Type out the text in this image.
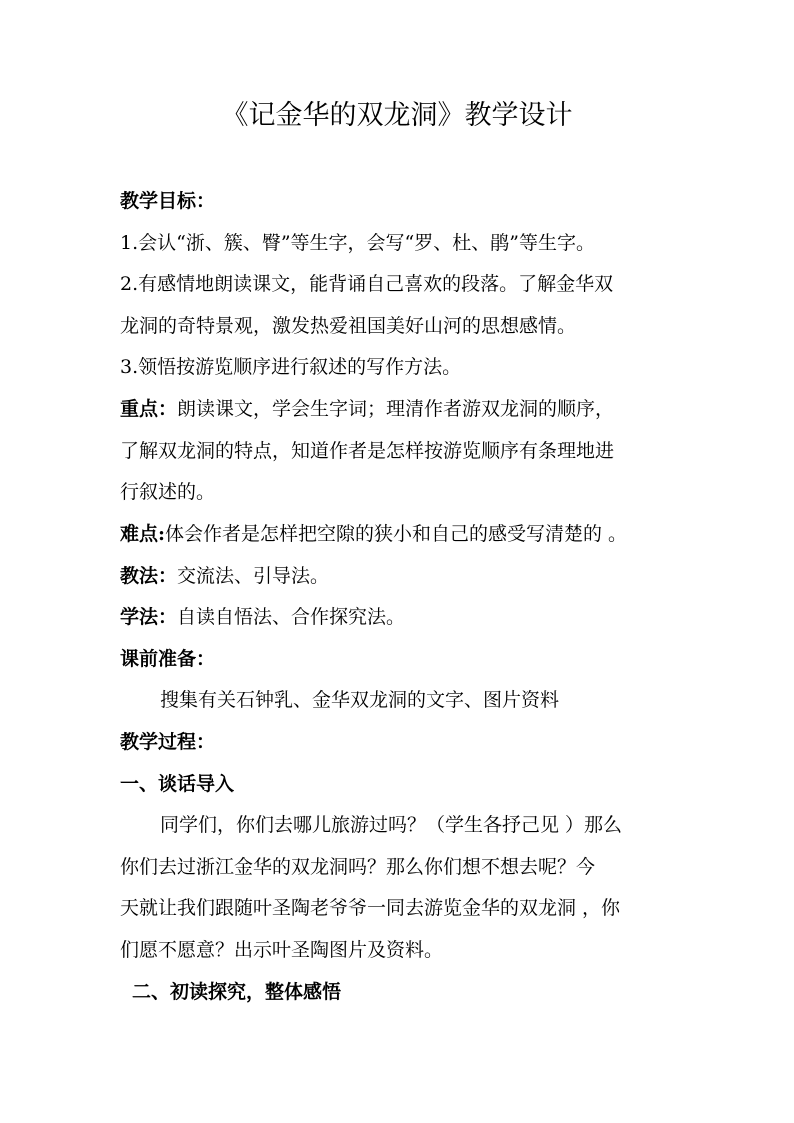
《记金华的双龙洞》教学设计
教学目标：
1.会认“浙、簇、臀”等生字，会写“罗、杜、鹃”等生字。
2.有感情地朗读课文，能背诵自己喜欢的段落。了解金华双
龙洞的奇特景观，激发热爱祖国美好山河的思想感情。
3.领悟按游览顺序进行叙述的写作方法。
重点：朗读课文，学会生字词；理清作者游双龙洞的顺序，
了解双龙洞的特点，知道作者是怎样按游览顺序有条理地进
行叙述的。
难点:体会作者是怎样把空隙的狭小和自己的感受写清楚的 。
教法：交流法、引导法。
学法：自读自悟法、合作探究法。
课前准备：
搜集有关石钟乳、金华双龙洞的文字、图片资料
教学过程：
一、谈话导入
同学们，你们去哪儿旅游过吗？（学生各抒己见 ）那么
你们去过浙江金华的双龙洞吗？那么你们想不想去呢？今
天就让我们跟随叶圣陶老爷爷一同去游览金华的双龙洞 ，你
们愿不愿意？出示叶圣陶图片及资料。
二、初读探究，整体感悟
